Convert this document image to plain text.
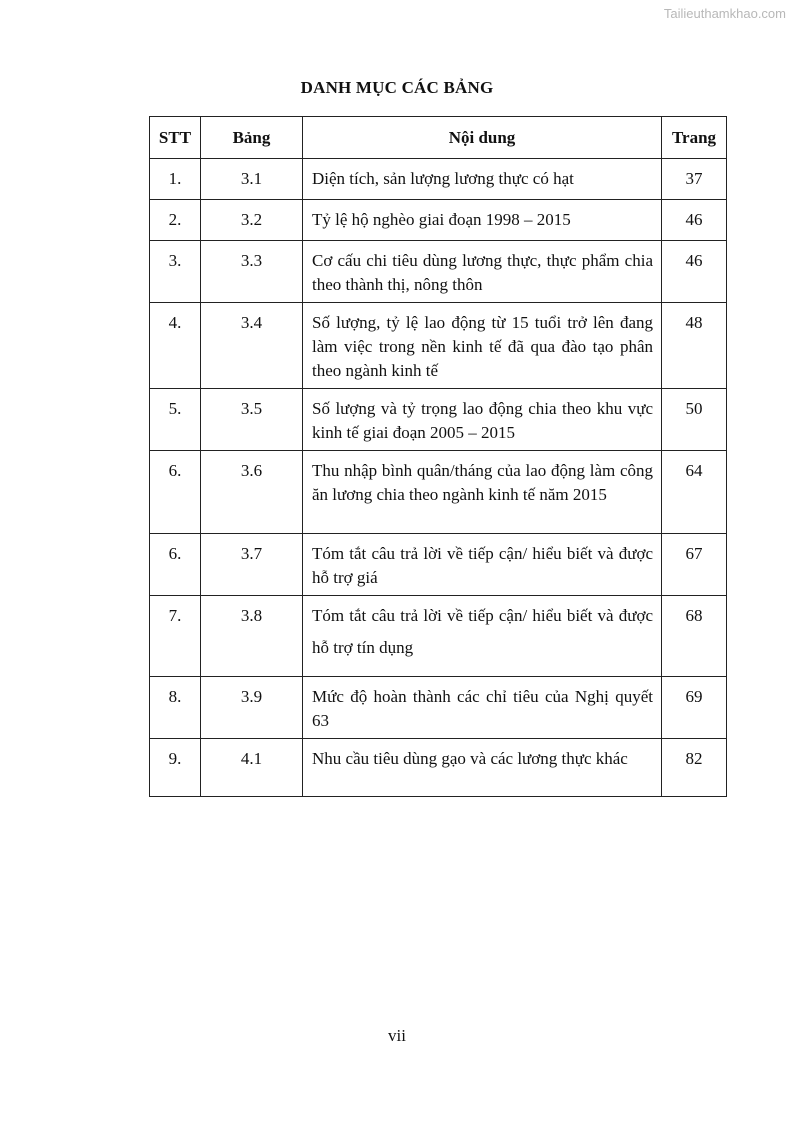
Tailieuthamkhao.com
DANH MỤC CÁC BẢNG
STT	Bảng	Nội dung	Trang
1.	3.1	Diện tích, sản lượng lương thực có hạt	37
2.	3.2	Tỷ lệ hộ nghèo giai đoạn 1998 – 2015	46
3.	3.3	Cơ cấu chi tiêu dùng lương thực, thực phẩm chia theo thành thị, nông thôn	46
4.	3.4	Số lượng, tỷ lệ lao động từ 15 tuổi trở lên đang làm việc trong nền kinh tế đã qua đào tạo phân theo ngành kinh tế	48
5.	3.5	Số lượng và tỷ trọng lao động chia theo khu vực kinh tế giai đoạn 2005 – 2015	50
6.	3.6	Thu nhập bình quân/tháng của lao động làm công ăn lương chia theo ngành kinh tế năm 2015	64
6.	3.7	Tóm tắt câu trả lời về tiếp cận/ hiểu biết và được hỗ trợ giá	67
7.	3.8	Tóm tắt câu trả lời về tiếp cận/ hiểu biết và được hỗ trợ tín dụng	68
8.	3.9	Mức độ hoàn thành các chỉ tiêu của Nghị quyết 63	69
9.	4.1	Nhu cầu tiêu dùng gạo và các lương thực khác	82
vii
